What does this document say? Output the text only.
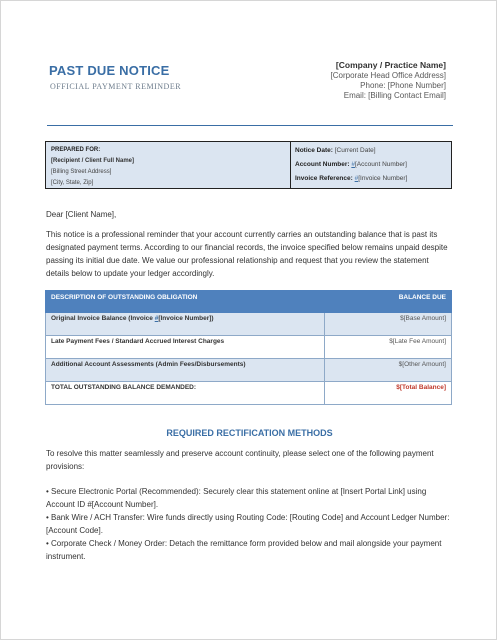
PAST DUE NOTICE
OFFICIAL PAYMENT REMINDER
[Company / Practice Name]
[Corporate Head Office Address]
Phone: [Phone Number]
Email: [Billing Contact Email]
PREPARED FOR:
[Recipient / Client Full Name]
[Billing Street Address]
[City, State, Zip]
Notice Date: [Current Date]
Account Number: #[Account Number]
Invoice Reference: #[Invoice Number]
Dear [Client Name],
This notice is a professional reminder that your account currently carries an outstanding balance that is past its designated payment terms. According to our financial records, the invoice specified below remains unpaid despite passing its initial due date. We value our professional relationship and request that you review the statement details below to update your ledger accordingly.
DESCRIPTION OF OUTSTANDING OBLIGATION	BALANCE DUE
Original Invoice Balance (Invoice #[Invoice Number])	$[Base Amount]
Late Payment Fees / Standard Accrued Interest Charges	$[Late Fee Amount]
Additional Account Assessments (Admin Fees/Disbursements)	$[Other Amount]
TOTAL OUTSTANDING BALANCE DEMANDED:	$[Total Balance]
REQUIRED RECTIFICATION METHODS
To resolve this matter seamlessly and preserve account continuity, please select one of the following payment provisions:
• Secure Electronic Portal (Recommended): Securely clear this statement online at [Insert Portal Link] using Account ID #[Account Number].
• Bank Wire / ACH Transfer: Wire funds directly using Routing Code: [Routing Code] and Account Ledger Number: [Account Code].
• Corporate Check / Money Order: Detach the remittance form provided below and mail alongside your payment instrument.
